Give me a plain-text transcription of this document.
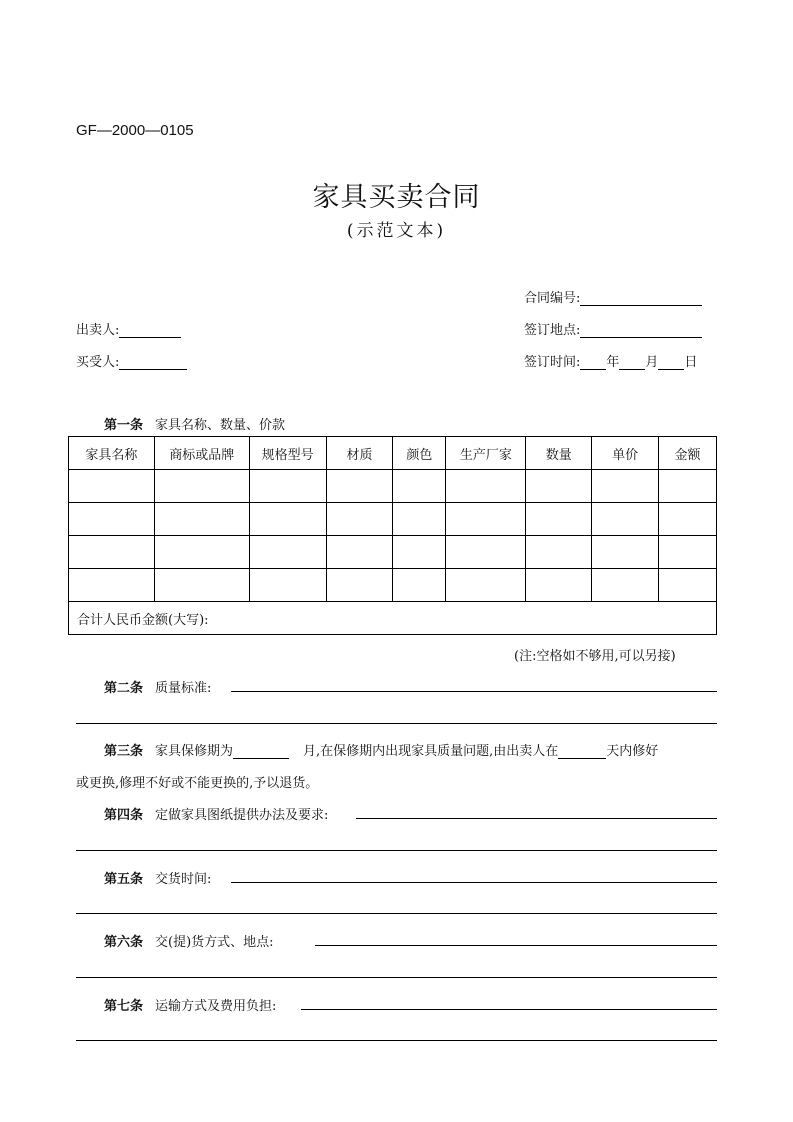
GF—2000—0105
家具买卖合同
(示范文本)
合同编号:
出卖人:	签订地点:
买受人:	签订时间: 年 月 日
第一条 家具名称、数量、价款
家具名称	商标或品牌	规格型号	材质	颜色	生产厂家	数量	单价	金额

合计人民币金额(大写):								
(注:空格如不够用,可以另接)
第二条 质量标准:
第三条 家具保修期为	月,在保修期内出现家具质量问题,由出卖人在	天内修好
或更换,修理不好或不能更换的,予以退货。
第四条 定做家具图纸提供办法及要求:
第五条 交货时间:
第六条 交(提)货方式、地点:
第七条 运输方式及费用负担:
